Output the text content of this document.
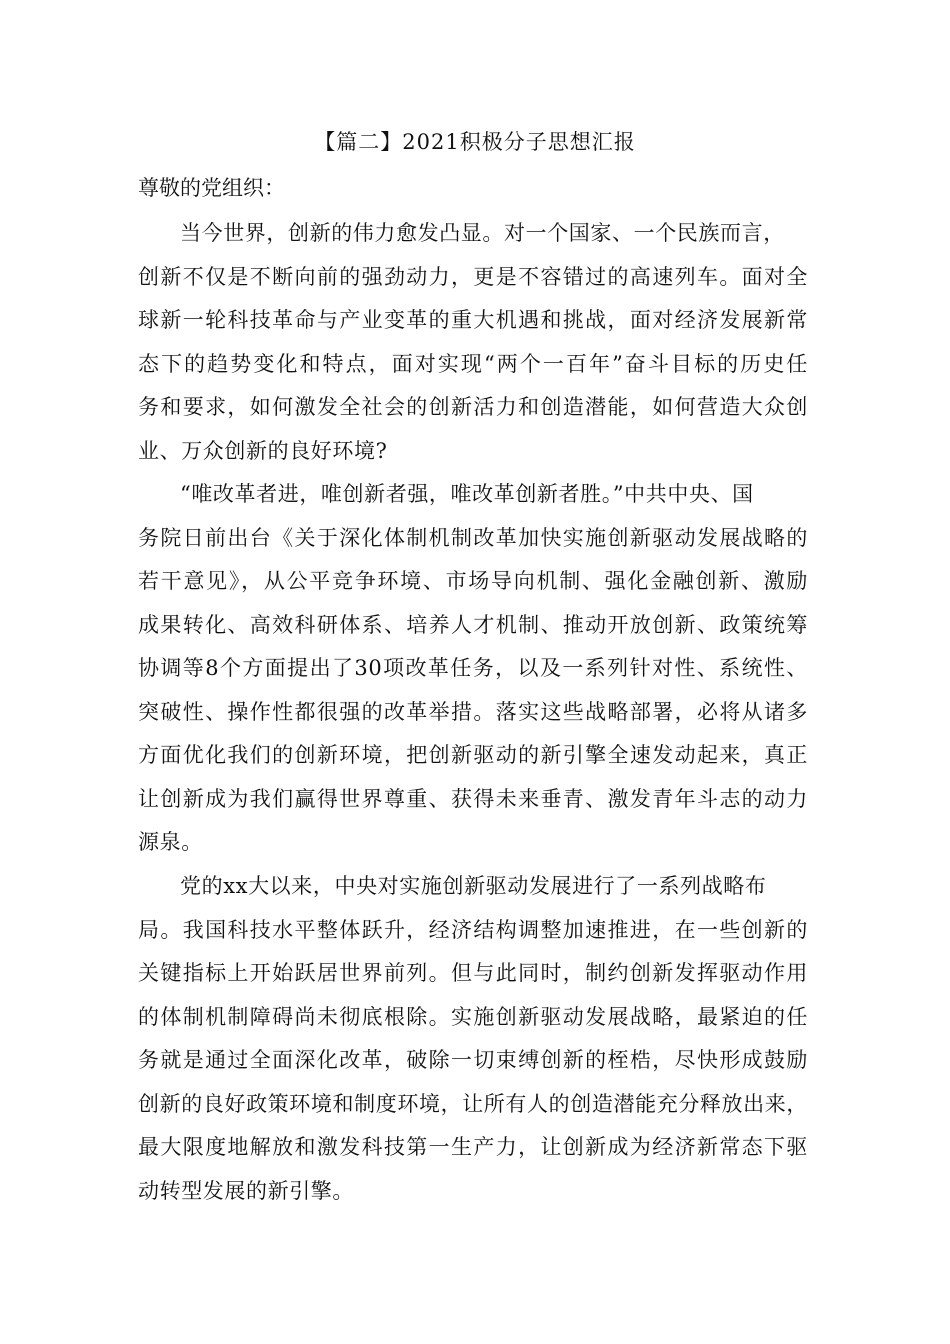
【篇二】2021积极分子思想汇报
尊敬的党组织：
当今世界，创新的伟力愈发凸显。对一个国家、一个民族而言，
创新不仅是不断向前的强劲动力，更是不容错过的高速列车。面对全
球新一轮科技革命与产业变革的重大机遇和挑战，面对经济发展新常
态下的趋势变化和特点，面对实现“两个一百年”奋斗目标的历史任
务和要求，如何激发全社会的创新活力和创造潜能，如何营造大众创
业、万众创新的良好环境?
“唯改革者进，唯创新者强，唯改革创新者胜。”中共中央、国
务院日前出台《关于深化体制机制改革加快实施创新驱动发展战略的
若干意见》，从公平竞争环境、市场导向机制、强化金融创新、激励
成果转化、高效科研体系、培养人才机制、推动开放创新、政策统筹
协调等8个方面提出了30项改革任务，以及一系列针对性、系统性、
突破性、操作性都很强的改革举措。落实这些战略部署，必将从诸多
方面优化我们的创新环境，把创新驱动的新引擎全速发动起来，真正
让创新成为我们赢得世界尊重、获得未来垂青、激发青年斗志的动力
源泉。
党的xx大以来，中央对实施创新驱动发展进行了一系列战略布
局。我国科技水平整体跃升，经济结构调整加速推进，在一些创新的
关键指标上开始跃居世界前列。但与此同时，制约创新发挥驱动作用
的体制机制障碍尚未彻底根除。实施创新驱动发展战略，最紧迫的任
务就是通过全面深化改革，破除一切束缚创新的桎梏，尽快形成鼓励
创新的良好政策环境和制度环境，让所有人的创造潜能充分释放出来，
最大限度地解放和激发科技第一生产力，让创新成为经济新常态下驱
动转型发展的新引擎。
